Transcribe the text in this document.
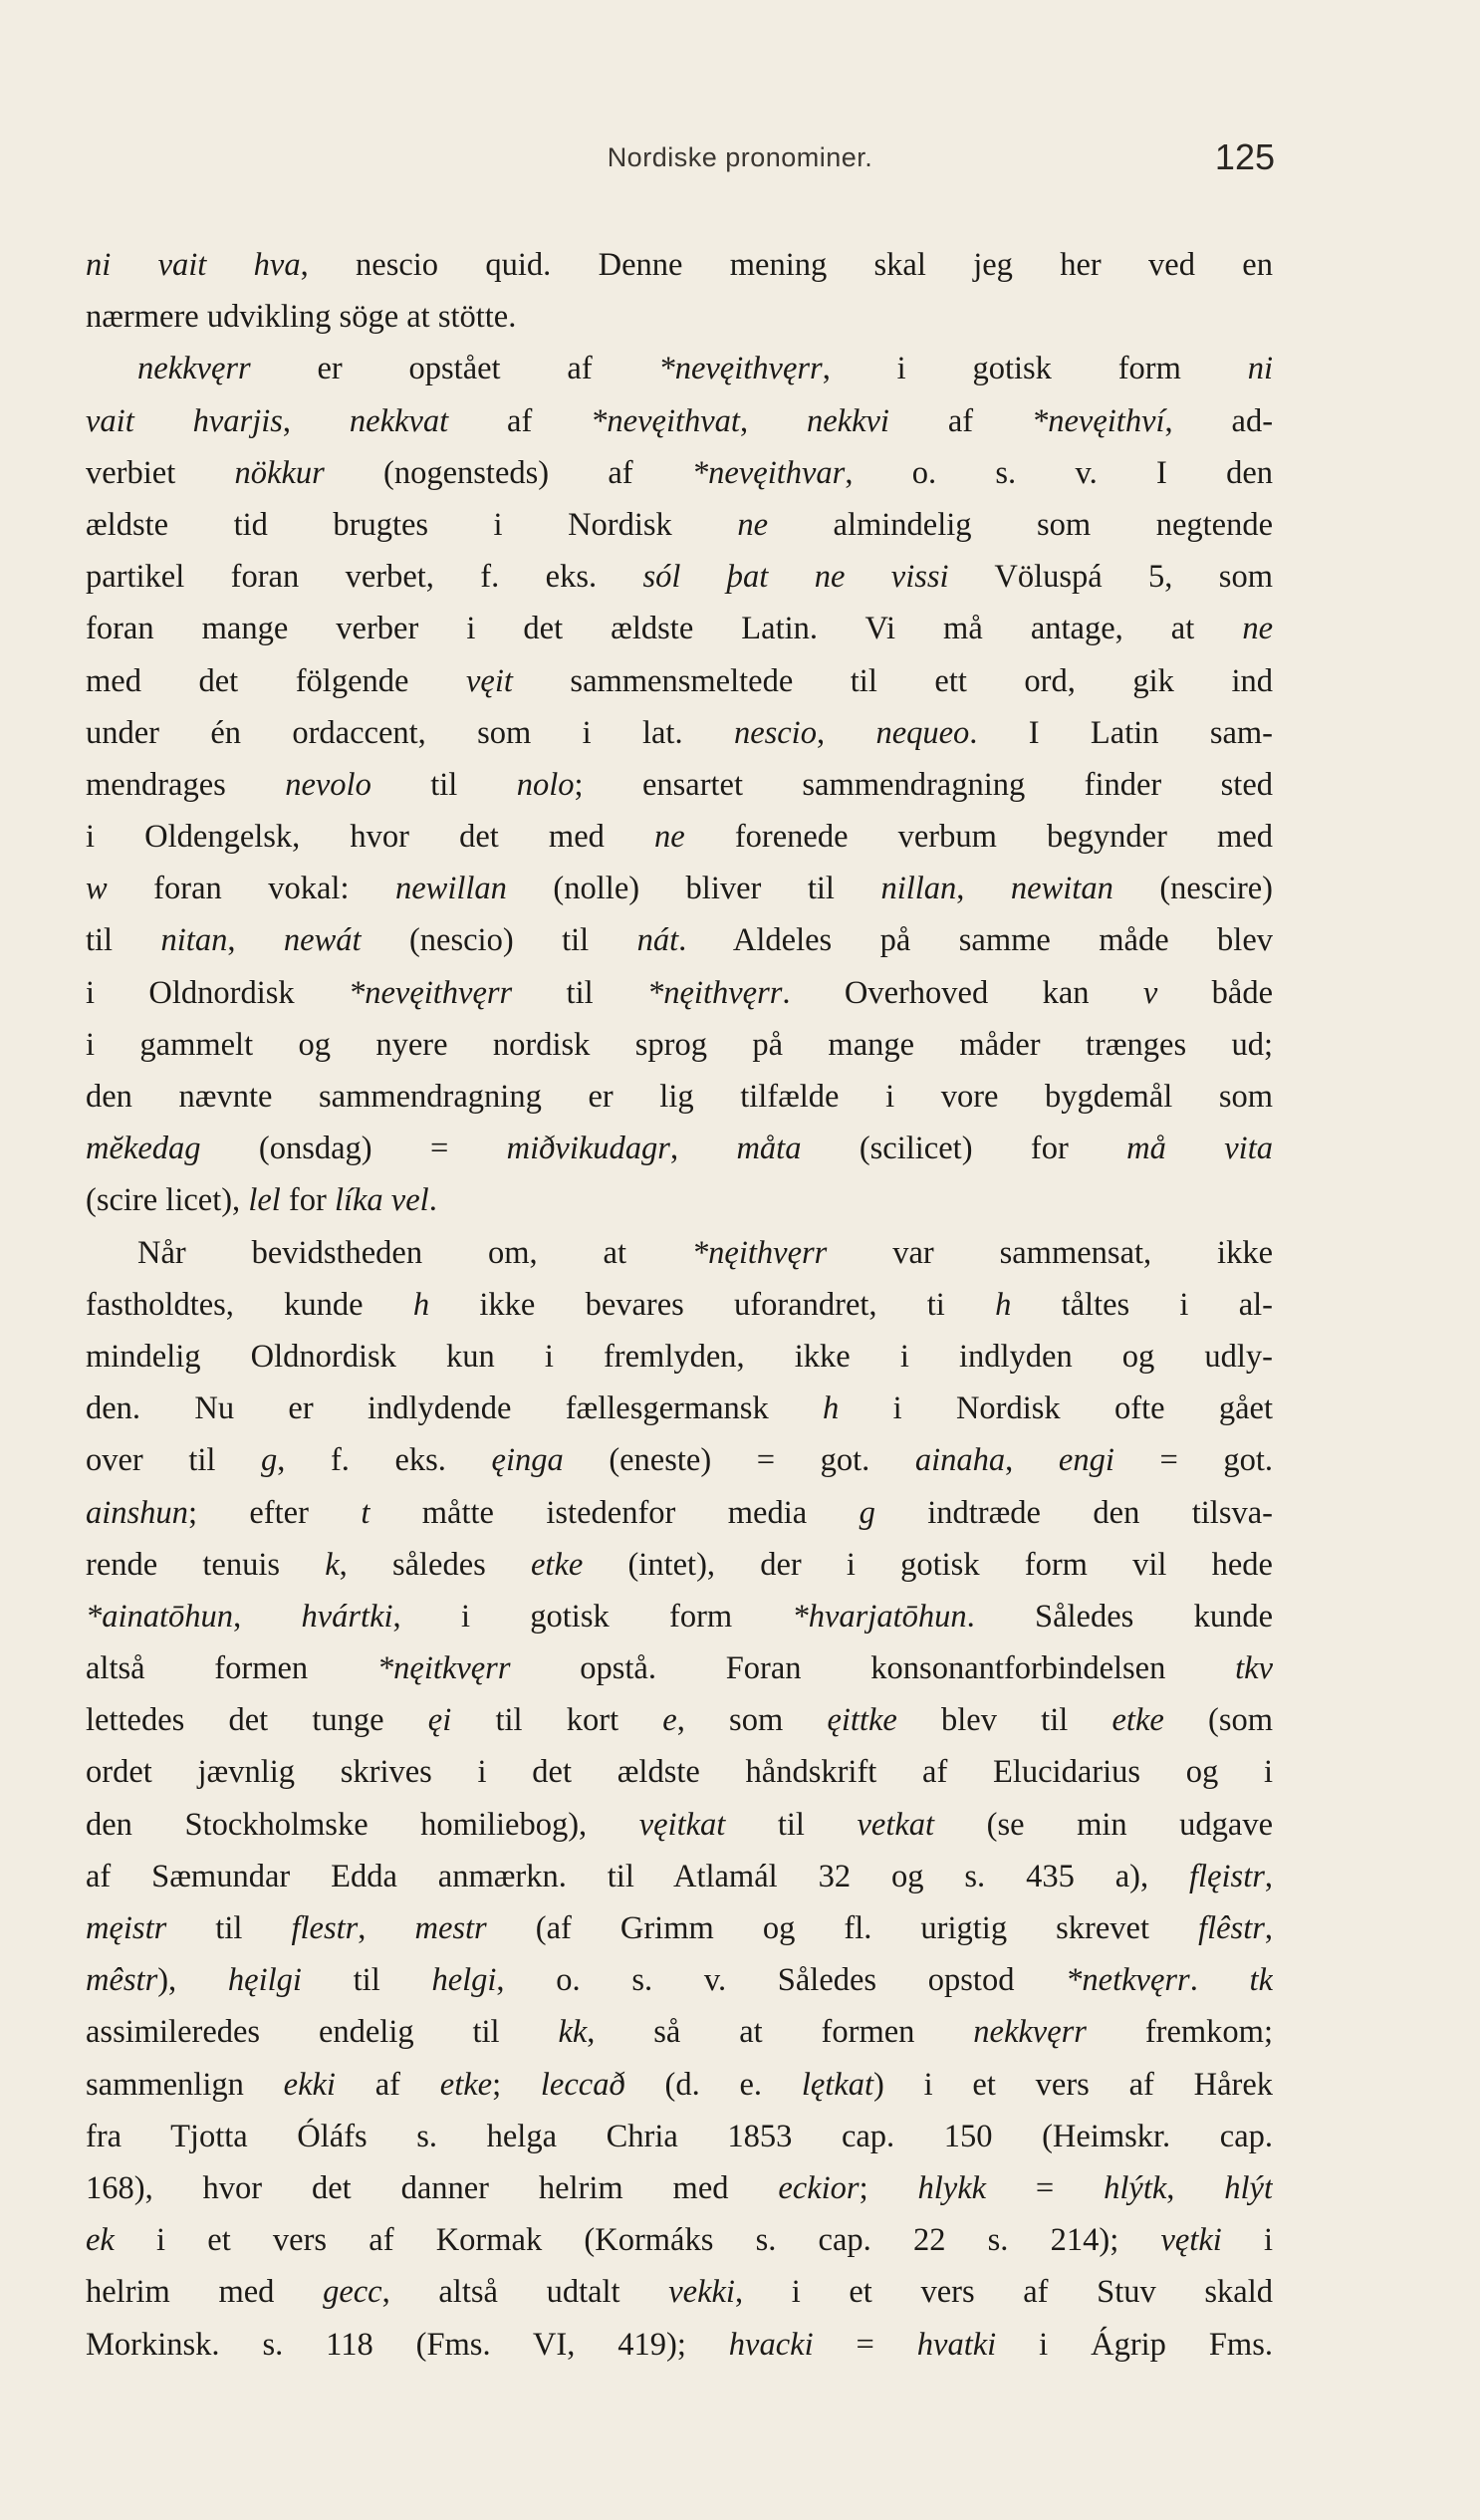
Nordiske pronominer.	125
ni vait hva, nescio quid. Denne mening skal jeg her ved en
nærmere udvikling söge at stötte.
nekkvęrr er opstået af *nevęithvęrr, i gotisk form ni
vait hvarjis, nekkvat af *nevęithvat, nekkvi af *nevęithví, ad-
verbiet nökkur (nogensteds) af *nevęithvar, o. s. v. I den
ældste tid brugtes i Nordisk ne almindelig som negtende
partikel foran verbet, f. eks. sól þat ne vissi Völuspá 5, som
foran mange verber i det ældste Latin. Vi må antage, at ne
med det fölgende vęit sammensmeltede til ett ord, gik ind
under én ordaccent, som i lat. nescio, nequeo. I Latin sam-
mendrages nevolo til nolo; ensartet sammendragning finder sted
i Oldengelsk, hvor det med ne forenede verbum begynder med
w foran vokal: newillan (nolle) bliver til nillan, newitan (nescire)
til nitan, newát (nescio) til nát. Aldeles på samme måde blev
i Oldnordisk *nevęithvęrr til *nęithvęrr. Overhoved kan v både
i gammelt og nyere nordisk sprog på mange måder trænges ud;
den nævnte sammendragning er lig tilfælde i vore bygdemål som
mĕkedag (onsdag) = miðvikudagr, måta (scilicet) for må vita
(scire licet), lel for líka vel.
Når bevidstheden om, at *nęithvęrr var sammensat, ikke
fastholdtes, kunde h ikke bevares uforandret, ti h tåltes i al-
mindelig Oldnordisk kun i fremlyden, ikke i indlyden og udly-
den. Nu er indlydende fællesgermansk h i Nordisk ofte gået
over til g, f. eks. ęinga (eneste) = got. ainaha, engi = got.
ainshun; efter t måtte istedenfor media g indtræde den tilsva-
rende tenuis k, således etke (intet), der i gotisk form vil hede
*ainatōhun, hvártki, i gotisk form *hvarjatōhun. Således kunde
altså formen *nęitkvęrr opstå. Foran konsonantforbindelsen tkv
lettedes det tunge ęi til kort e, som ęittke blev til etke (som
ordet jævnlig skrives i det ældste håndskrift af Elucidarius og i
den Stockholmske homiliebog), vęitkat til vetkat (se min udgave
af Sæmundar Edda anmærkn. til Atlamál 32 og s. 435 a), flęistr,
męistr til flestr, mestr (af Grimm og fl. urigtig skrevet flêstr,
mêstr), hęilgi til helgi, o. s. v. Således opstod *netkvęrr. tk
assimileredes endelig til kk, så at formen nekkvęrr fremkom;
sammenlign ekki af etke; leccað (d. e. lętkat) i et vers af Hårek
fra Tjotta Óláfs s. helga Chria 1853 cap. 150 (Heimskr. cap.
168), hvor det danner helrim med eckior; hlykk = hlýtk, hlýt
ek i et vers af Kormak (Kormáks s. cap. 22 s. 214); vętki i
helrim med gecc, altså udtalt vekki, i et vers af Stuv skald
Morkinsk. s. 118 (Fms. VI, 419); hvacki = hvatki i Ágrip Fms.
